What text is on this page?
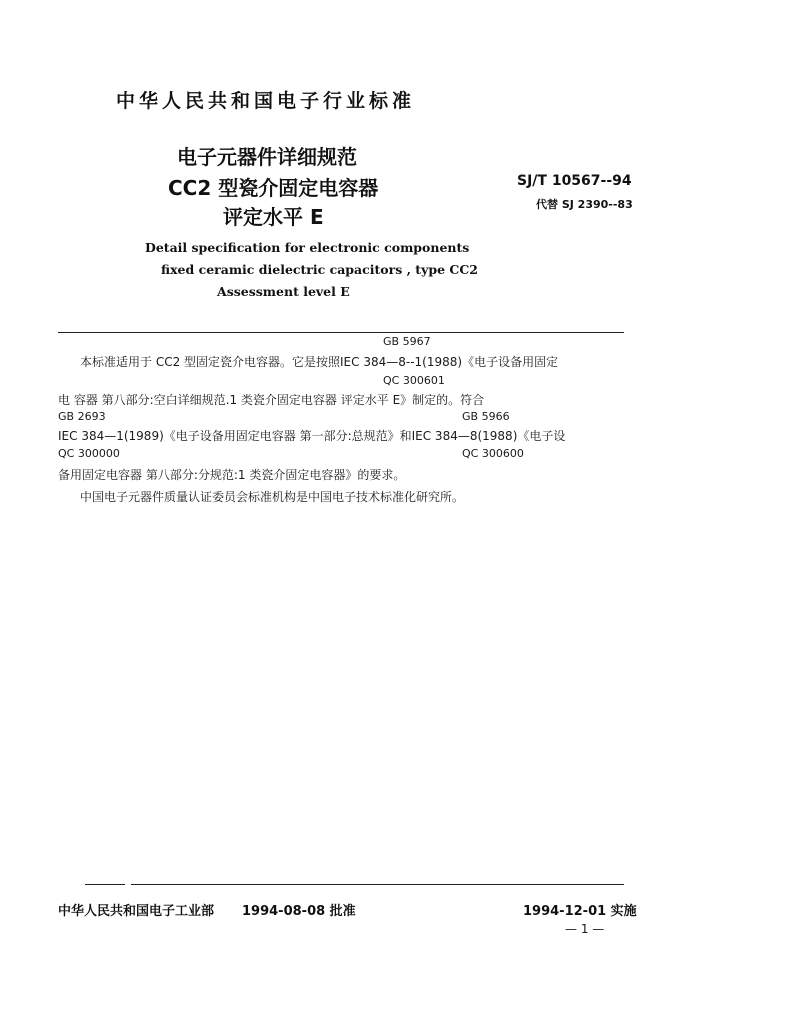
中华人民共和国电子行业标准
电子元器件详细规范
CC2 型瓷介固定电容器
评定水平 E
SJ/T 10567--94
代替 SJ 2390--83
Detail specification for electronic components
fixed ceramic dielectric capacitors , type CC2
Assessment level E
GB 5967
本标准适用于 CC2 型固定瓷介电容器。它是按照IEC 384—8--1(1988)《电子设备用固定
QC 300601
电 容器 第八部分:空白详细规范.1 类瓷介固定电容器 评定水平 E》制定的。符合
GB 2693	GB 5966
IEC 384—1(1989)《电子设备用固定电容器 第一部分:总规范》和IEC 384—8(1988)《电子设
QC 300000	QC 300600
备用固定电容器 第八部分:分规范:1 类瓷介固定电容器》的要求。
中国电子元器件质量认证委员会标准机构是中国电子技术标准化研究所。
中华人民共和国电子工业部 1994-08-08 批准	1994-12-01 实施
— 1 —
